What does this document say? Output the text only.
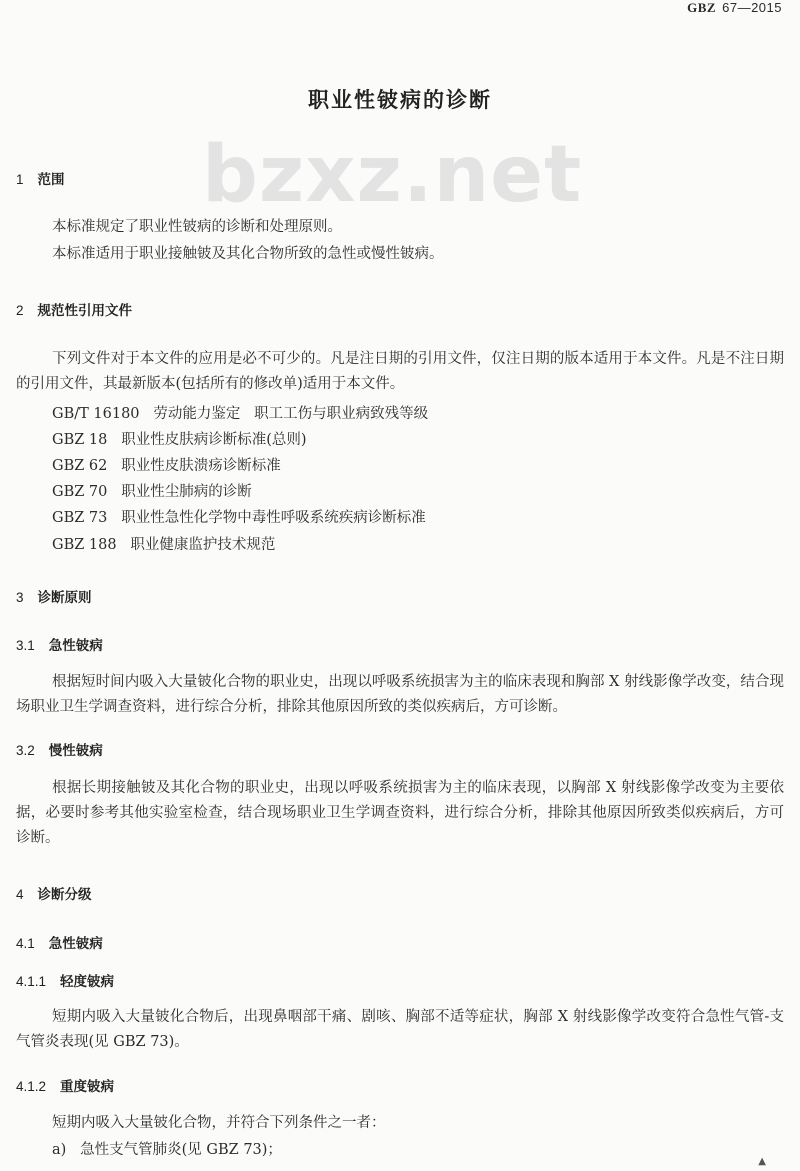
GBZ 67—2015
bzxz.net
职业性铍病的诊断
1 范围
本标准规定了职业性铍病的诊断和处理原则。
本标准适用于职业接触铍及其化合物所致的急性或慢性铍病。
2 规范性引用文件
下列文件对于本文件的应用是必不可少的。凡是注日期的引用文件，仅注日期的版本适用于本文件。凡是不注日期的引用文件，其最新版本(包括所有的修改单)适用于本文件。
GB/T 16180   劳动能力鉴定   职工工伤与职业病致残等级
GBZ 18   职业性皮肤病诊断标准(总则)
GBZ 62   职业性皮肤溃疡诊断标准
GBZ 70   职业性尘肺病的诊断
GBZ 73   职业性急性化学物中毒性呼吸系统疾病诊断标准
GBZ 188   职业健康监护技术规范
3 诊断原则
3.1 急性铍病
根据短时间内吸入大量铍化合物的职业史，出现以呼吸系统损害为主的临床表现和胸部 X 射线影像学改变，结合现场职业卫生学调查资料，进行综合分析，排除其他原因所致的类似疾病后，方可诊断。
3.2 慢性铍病
根据长期接触铍及其化合物的职业史，出现以呼吸系统损害为主的临床表现，以胸部 X 射线影像学改变为主要依据，必要时参考其他实验室检查，结合现场职业卫生学调查资料，进行综合分析，排除其他原因所致类似疾病后，方可诊断。
4 诊断分级
4.1 急性铍病
4.1.1 轻度铍病
短期内吸入大量铍化合物后，出现鼻咽部干痛、剧咳、胸部不适等症状，胸部 X 射线影像学改变符合急性气管-支气管炎表现(见 GBZ 73)。
4.1.2 重度铍病
短期内吸入大量铍化合物，并符合下列条件之一者：
a)   急性支气管肺炎(见 GBZ 73)；
▲
